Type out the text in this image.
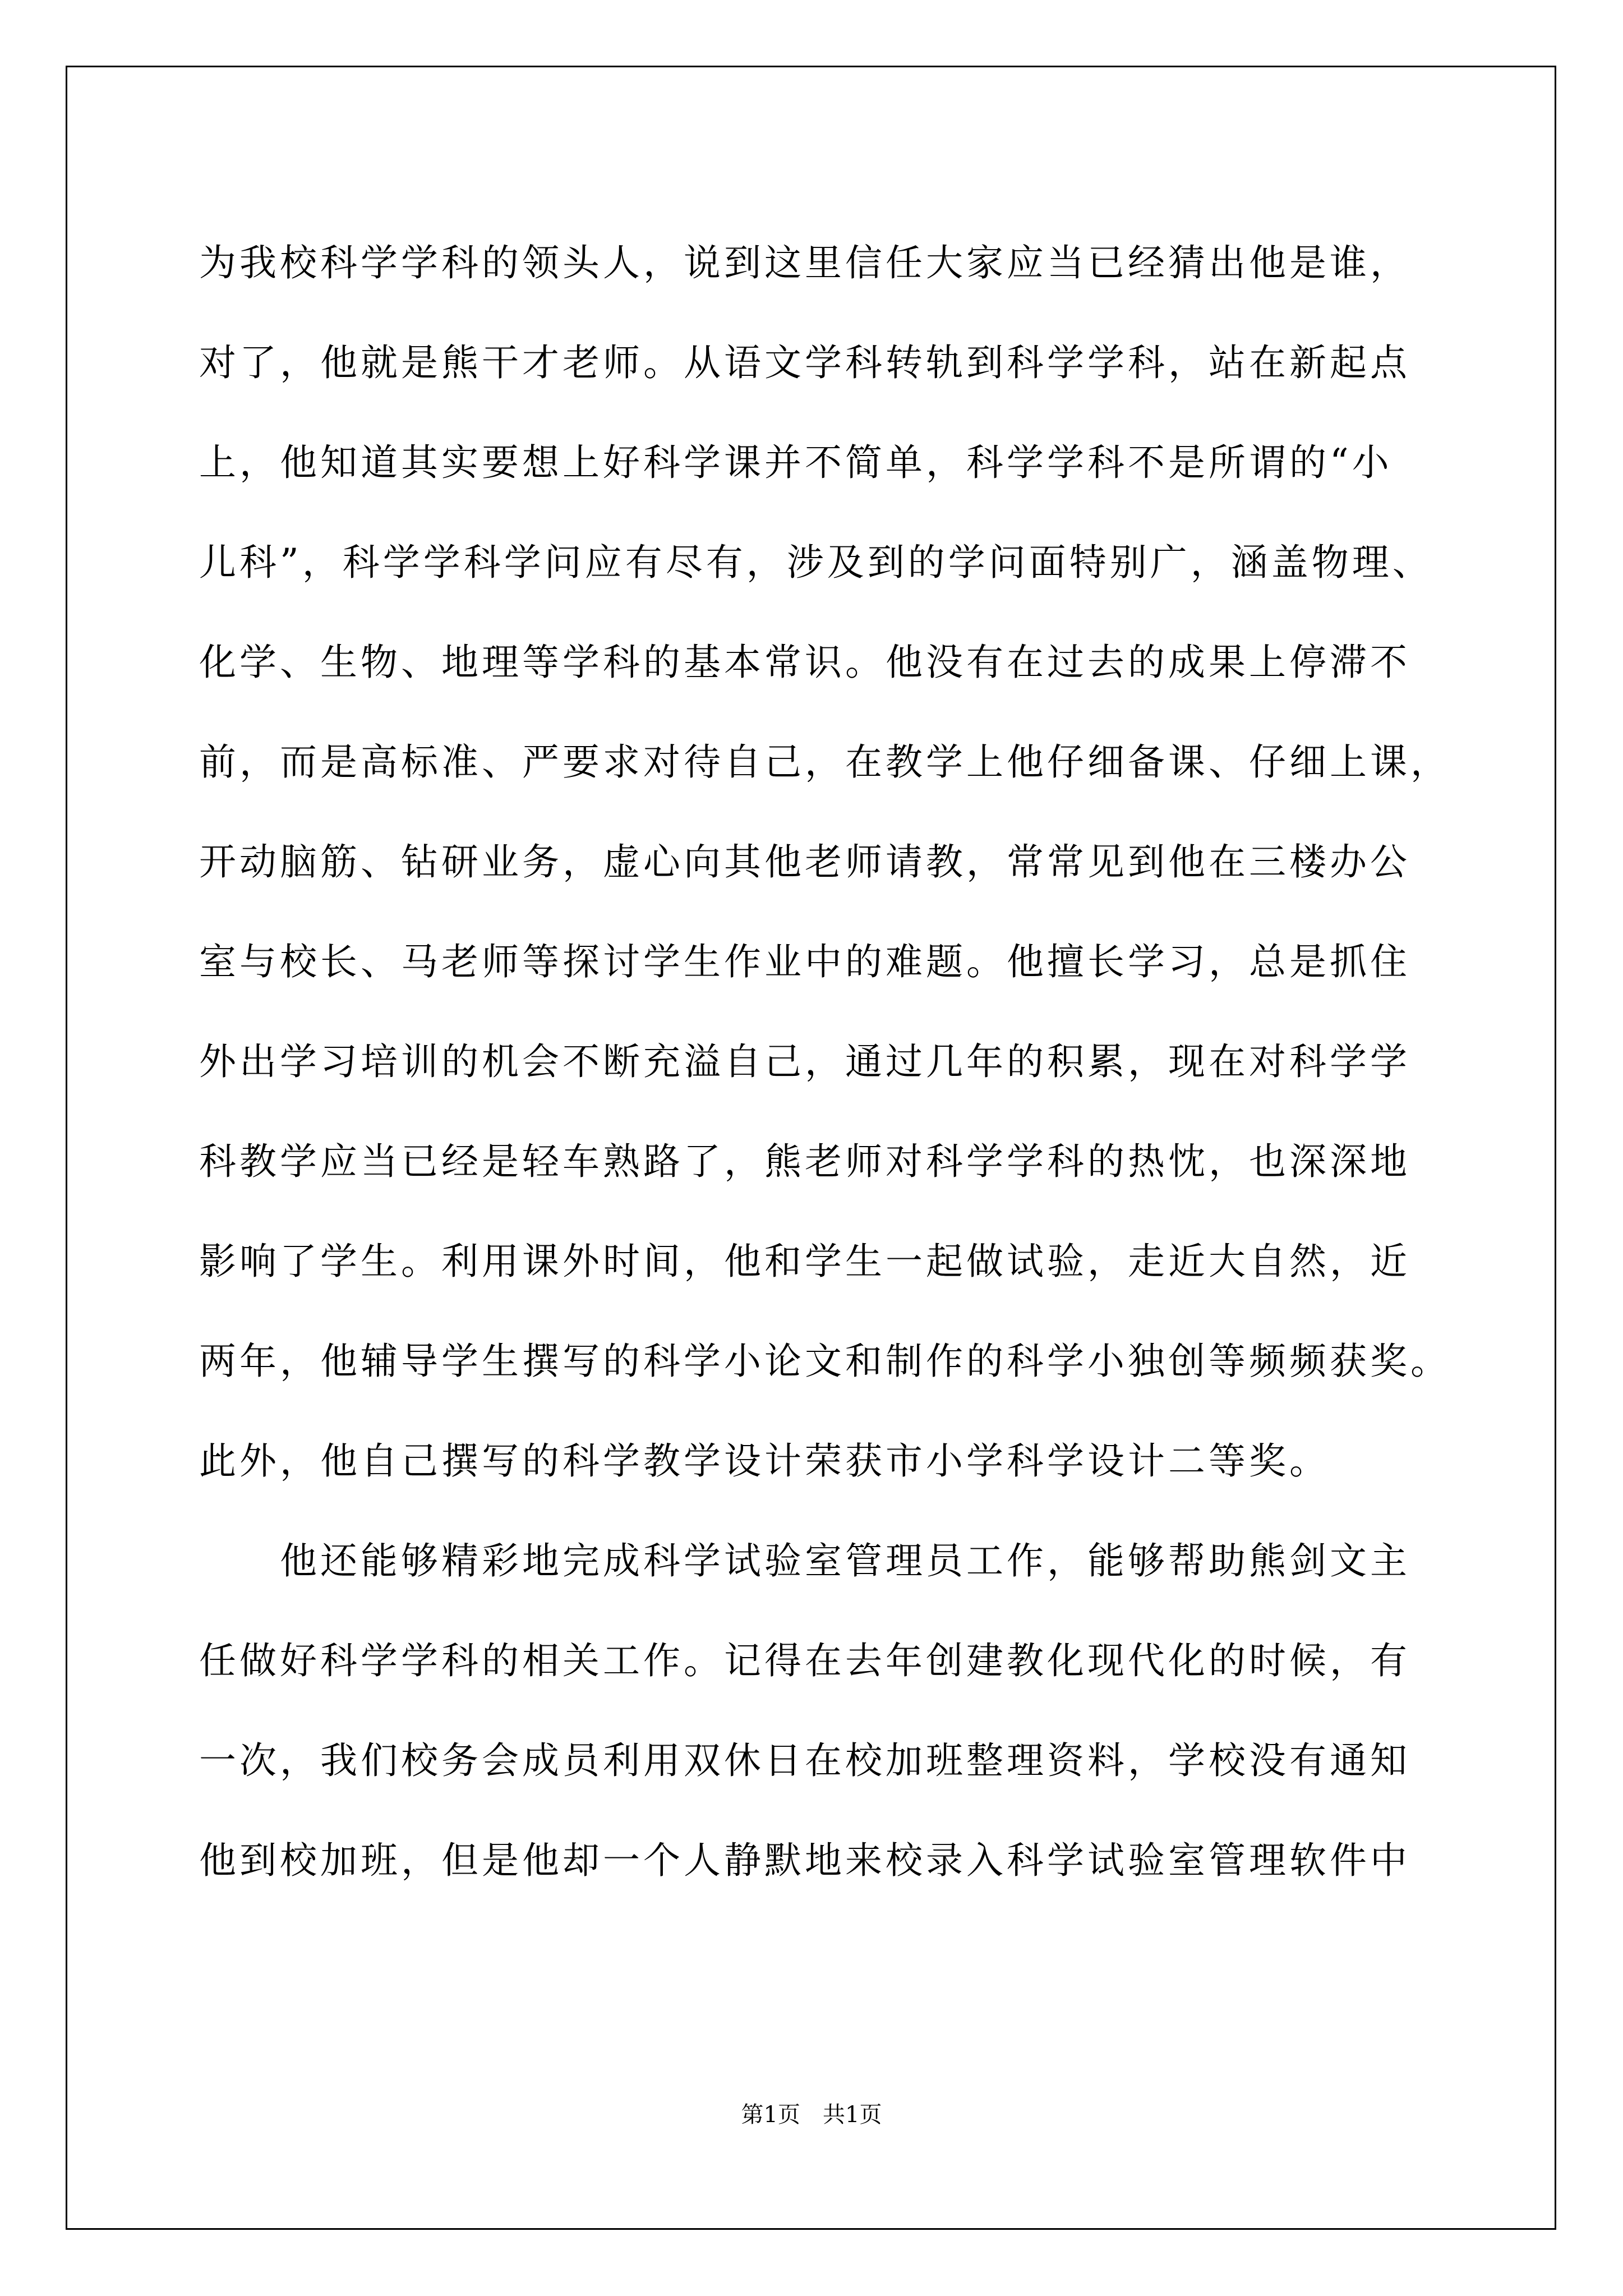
为我校科学学科的领头人，说到这里信任大家应当已经猜出他是谁，

对了，他就是熊干才老师。从语文学科转轨到科学学科，站在新起点

上，他知道其实要想上好科学课并不简单，科学学科不是所谓的“小

儿科”，科学学科学问应有尽有，涉及到的学问面特别广，涵盖物理、

化学、生物、地理等学科的基本常识。他没有在过去的成果上停滞不

前，而是高标准、严要求对待自己，在教学上他仔细备课、仔细上课，

开动脑筋、钻研业务，虚心向其他老师请教，常常见到他在三楼办公

室与校长、马老师等探讨学生作业中的难题。他擅长学习，总是抓住

外出学习培训的机会不断充溢自己，通过几年的积累，现在对科学学

科教学应当已经是轻车熟路了，熊老师对科学学科的热忱，也深深地

影响了学生。利用课外时间，他和学生一起做试验，走近大自然，近

两年，他辅导学生撰写的科学小论文和制作的科学小独创等频频获奖。

此外，他自己撰写的科学教学设计荣获市小学科学设计二等奖。

他还能够精彩地完成科学试验室管理员工作，能够帮助熊剑文主

任做好科学学科的相关工作。记得在去年创建教化现代化的时候，有

一次，我们校务会成员利用双休日在校加班整理资料，学校没有通知

他到校加班，但是他却一个人静默地来校录入科学试验室管理软件中

第1页 共1页
